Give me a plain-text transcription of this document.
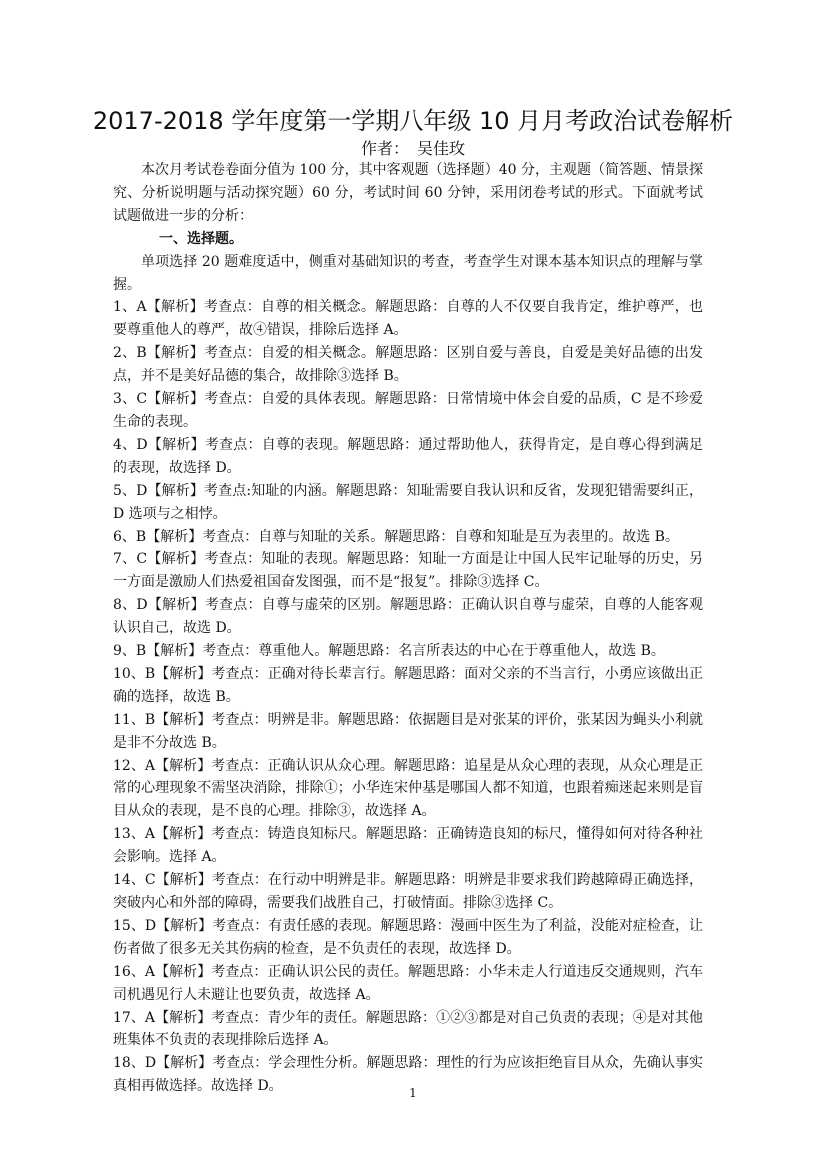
2017-2018 学年度第一学期八年级 10 月月考政治试卷解析
作者：　吴佳玫

本次月考试卷卷面分值为 100 分，其中客观题（选择题）40 分，主观题（简答题、情景探究、分析说明题与活动探究题）60 分，考试时间 60 分钟，采用闭卷考试的形式。下面就考试试题做进一步的分析：

一、选择题。

单项选择 20 题难度适中，侧重对基础知识的考查，考查学生对课本基本知识点的理解与掌握。

1、A【解析】考查点：自尊的相关概念。解题思路：自尊的人不仅要自我肯定，维护尊严，也要尊重他人的尊严，故④错误，排除后选择 A。

2、B【解析】考查点：自爱的相关概念。解题思路：区别自爱与善良，自爱是美好品德的出发点，并不是美好品德的集合，故排除③选择 B。

3、C【解析】考查点：自爱的具体表现。解题思路：日常情境中体会自爱的品质，C 是不珍爱生命的表现。

4、D【解析】考查点：自尊的表现。解题思路：通过帮助他人，获得肯定，是自尊心得到满足的表现，故选择 D。

5、D【解析】考查点:知耻的内涵。解题思路：知耻需要自我认识和反省，发现犯错需要纠正，D 选项与之相悖。

6、B【解析】考查点：自尊与知耻的关系。解题思路：自尊和知耻是互为表里的。故选 B。

7、C【解析】考查点：知耻的表现。解题思路：知耻一方面是让中国人民牢记耻辱的历史，另一方面是激励人们热爱祖国奋发图强，而不是“报复”。排除③选择 C。

8、D【解析】考查点：自尊与虚荣的区别。解题思路：正确认识自尊与虚荣，自尊的人能客观认识自己，故选 D。

9、B【解析】考查点：尊重他人。解题思路：名言所表达的中心在于尊重他人，故选 B。

10、B【解析】考查点：正确对待长辈言行。解题思路：面对父亲的不当言行，小勇应该做出正确的选择，故选 B。

11、B【解析】考查点：明辨是非。解题思路：依据题目是对张某的评价，张某因为蝇头小利就是非不分故选 B。

12、A【解析】考查点：正确认识从众心理。解题思路：追星是从众心理的表现，从众心理是正常的心理现象不需坚决消除，排除①；小华连宋仲基是哪国人都不知道，也跟着痴迷起来则是盲目从众的表现，是不良的心理。排除③，故选择 A。

13、A【解析】考查点：铸造良知标尺。解题思路：正确铸造良知的标尺，懂得如何对待各种社会影响。选择 A。

14、C【解析】考查点：在行动中明辨是非。解题思路：明辨是非要求我们跨越障碍正确选择，突破内心和外部的障碍，需要我们战胜自己，打破情面。排除③选择 C。

15、D【解析】考查点：有责任感的表现。解题思路：漫画中医生为了利益，没能对症检查，让伤者做了很多无关其伤病的检查，是不负责任的表现，故选择 D。

16、A【解析】考查点：正确认识公民的责任。解题思路：小华未走人行道违反交通规则，汽车司机遇见行人未避让也要负责，故选择 A。

17、A【解析】考查点：青少年的责任。解题思路：①②③都是对自己负责的表现；④是对其他班集体不负责的表现排除后选择 A。

18、D【解析】考查点：学会理性分析。解题思路：理性的行为应该拒绝盲目从众，先确认事实真相再做选择。故选择 D。	1
